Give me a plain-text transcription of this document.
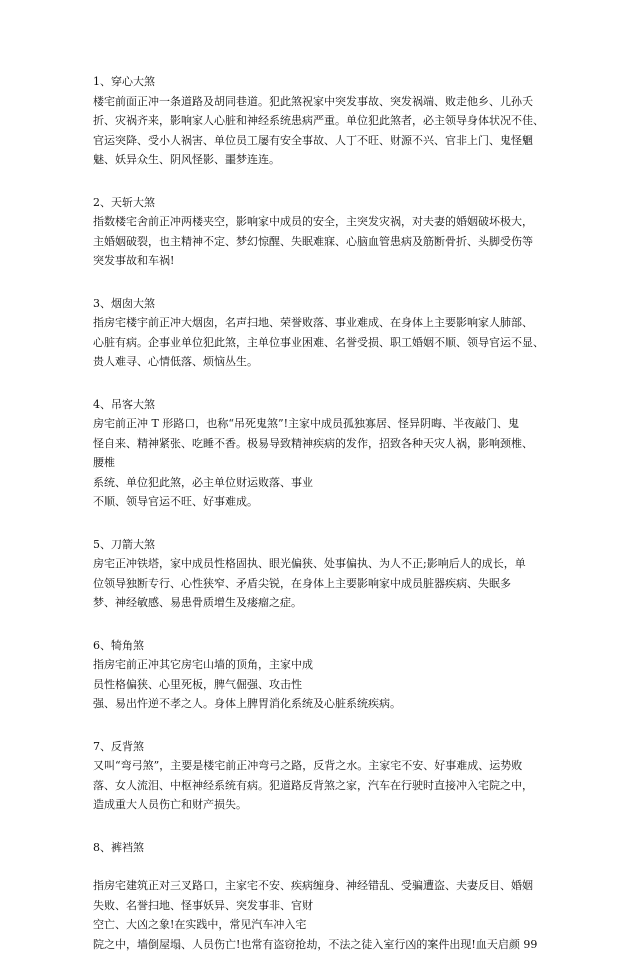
1、穿心大煞

楼宅前面正冲一条道路及胡同巷道。犯此煞祝家中突发事故、突发祸端、败走他乡、儿孙夭

折、灾祸齐来，影响家人心脏和神经系统患病严重。单位犯此煞者，必主领导身体状况不佳、

官运突降、受小人祸害、单位员工屡有安全事故、人丁不旺、财源不兴、官非上门、鬼怪魍

魅、妖异众生、阴风怪影、噩梦连连。

2、天斩大煞

指数楼宅舍前正冲两楼夹空，影响家中成员的安全，主突发灾祸，对夫妻的婚姻破坏极大，

主婚姻破裂，也主精神不定、梦幻惊醒、失眠难寐、心脑血管患病及筋断骨折、头脚受伤等

突发事故和车祸!

3、烟囱大煞

指房宅楼宇前正冲大烟囱，名声扫地、荣誉败落、事业难成、在身体上主要影响家人肺部、

心脏有病。企事业单位犯此煞，主单位事业困难、名誉受损、职工婚姻不顺、领导官运不显、

贵人难寻、心情低落、烦恼丛生。

4、吊客大煞

房宅前正冲 T 形路口，也称“吊死鬼煞”!主家中成员孤独寡居、怪异阴晦、半夜敲门、鬼

怪自来、精神紧张、吃睡不香。极易导致精神疾病的发作，招致各种天灾人祸，影响颈椎、

腰椎

系统、单位犯此煞，必主单位财运败落、事业

不顺、领导官运不旺、好事难成。

5、刀箭大煞

房宅正冲铁塔，家中成员性格固执、眼光偏狭、处事偏执、为人不正;影响后人的成长，单

位领导独断专行、心性狭窄、矛盾尖锐，在身体上主要影响家中成员脏器疾病、失眠多

梦、神经敏感、易患骨质增生及瘘瘤之症。

6、犄角煞

指房宅前正冲其它房宅山墙的顶角，主家中成

员性格偏狭、心里死板，脾气倔强、攻击性

强、易出忤逆不孝之人。身体上脾胃消化系统及心脏系统疾病。

7、反背煞

又叫“弯弓煞”，主要是楼宅前正冲弯弓之路，反背之水。主家宅不安、好事难成、运势败

落、女人流泪、中枢神经系统有病。犯道路反背煞之家，汽车在行驶时直接冲入宅院之中，

造成重大人员伤亡和财产损失。

8、裤裆煞

指房宅建筑正对三叉路口，主家宅不安、疾病缠身、神经错乱、受骗遭盗、夫妻反目、婚姻

失败、名誉扫地、怪事妖异、突发事非、官财

空亡、大凶之象!在实践中，常见汽车冲入宅

院之中，墙倒屋塌、人员伤亡!也常有盗窃抢劫，不法之徒入室行凶的案件出现!血天启颜 99
